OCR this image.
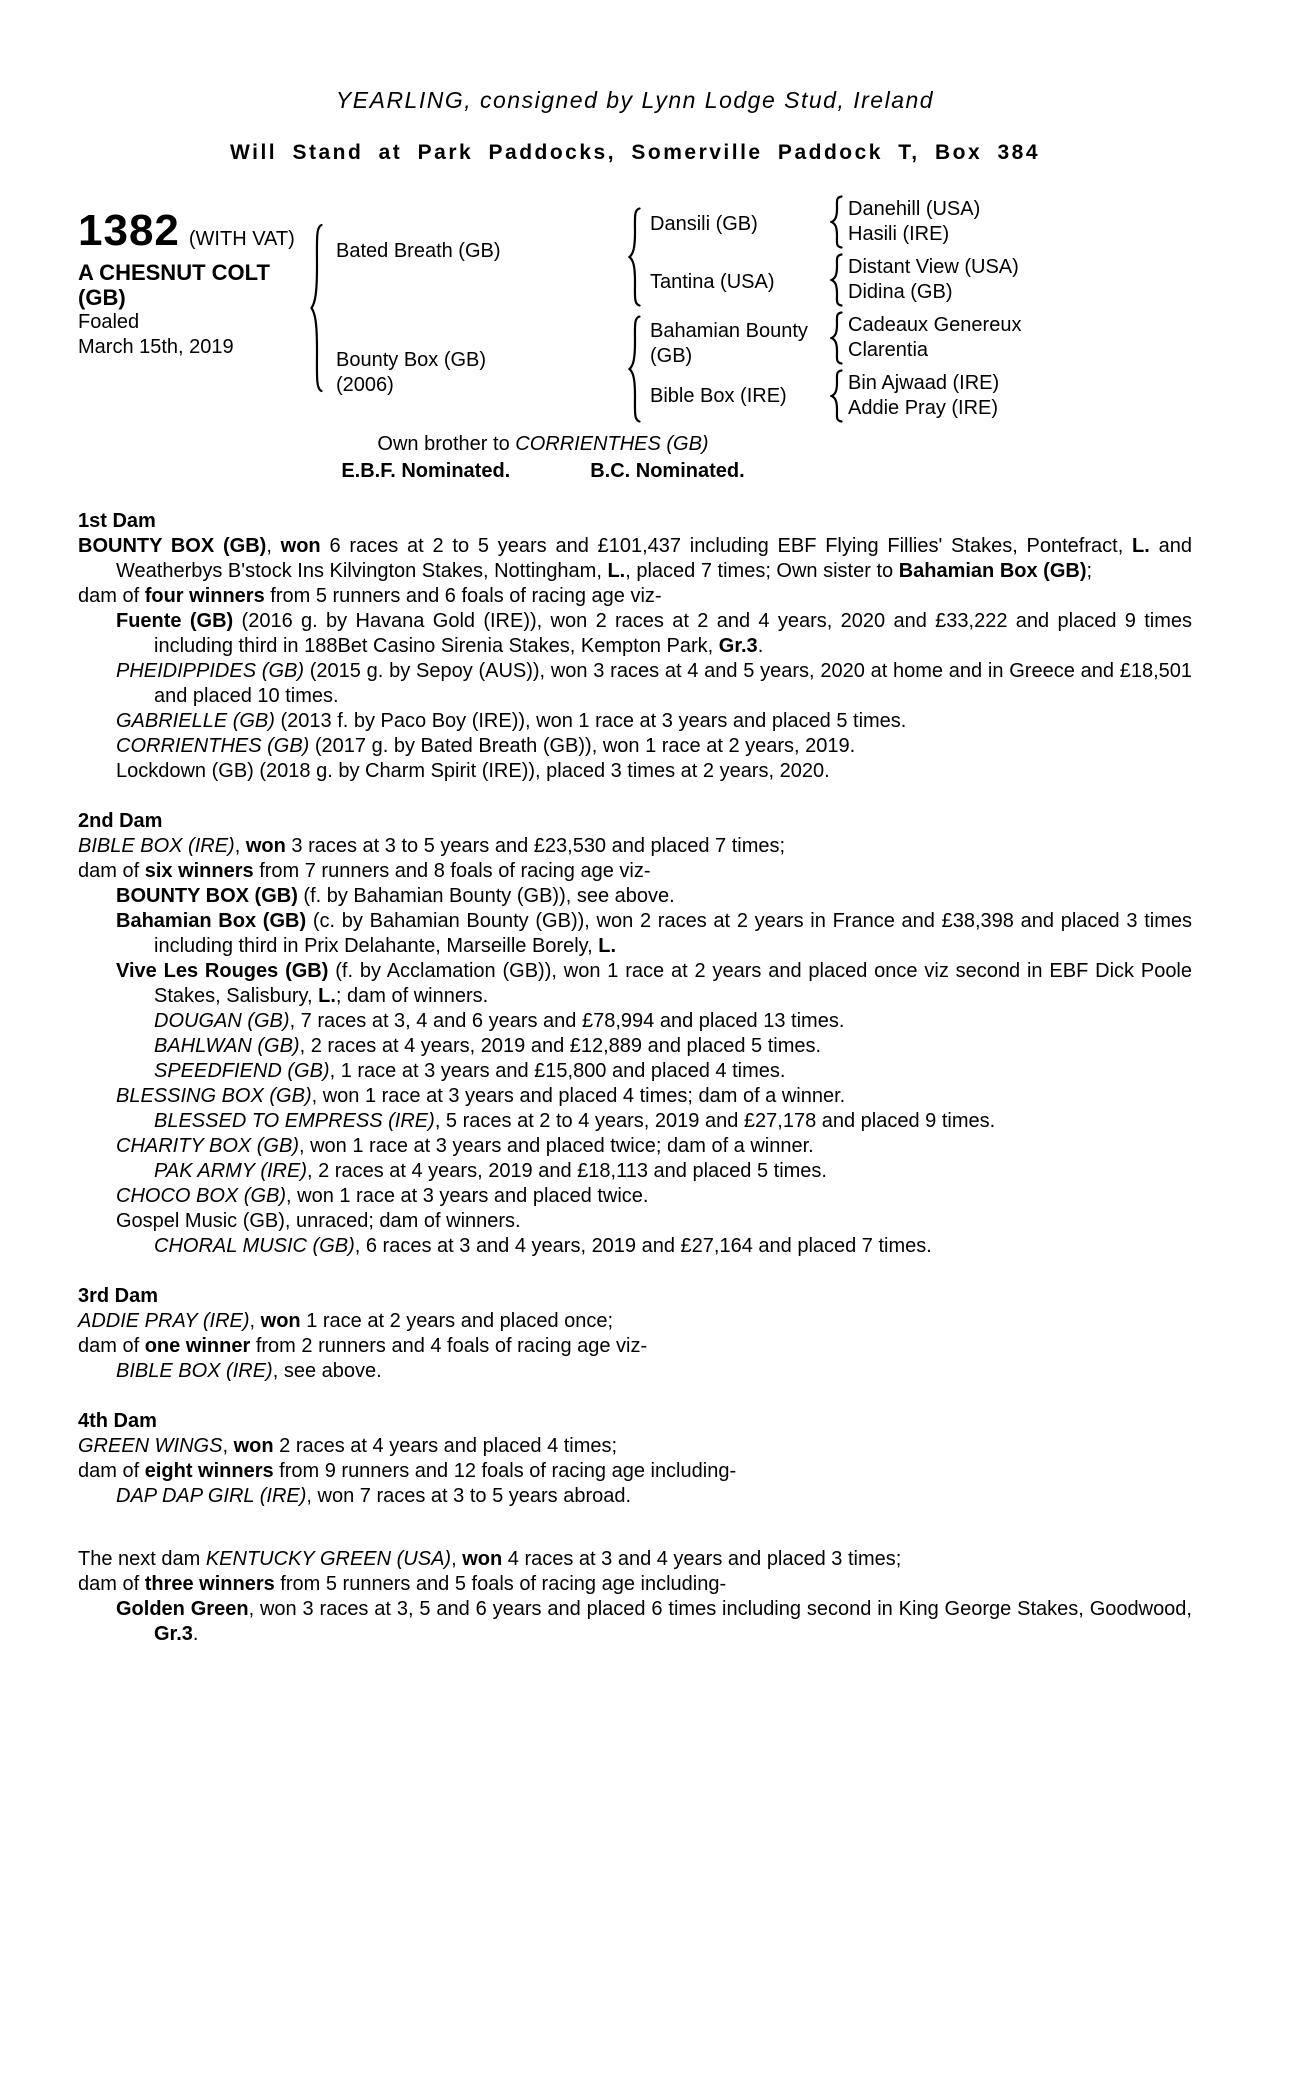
YEARLING, consigned by Lynn Lodge Stud, Ireland
Will Stand at Park Paddocks, Somerville Paddock T, Box 384
1382 (WITH VAT)
A CHESNUT COLT
(GB)
Foaled
March 15th, 2019
Bated Breath (GB)
Bounty Box (GB)
(2006)
Dansili (GB)
Tantina (USA)
Bahamian Bounty (GB)
Bible Box (IRE)
Danehill (USA)
Hasili (IRE)
Distant View (USA)
Didina (GB)
Cadeaux Genereux
Clarentia
Bin Ajwaad (IRE)
Addie Pray (IRE)
Own brother to CORRIENTHES (GB)
E.B.F. Nominated.	B.C. Nominated.
1st Dam
BOUNTY BOX (GB), won 6 races at 2 to 5 years and £101,437 including EBF Flying Fillies' Stakes, Pontefract, L. and Weatherbys B'stock Ins Kilvington Stakes, Nottingham, L., placed 7 times; Own sister to Bahamian Box (GB);
dam of four winners from 5 runners and 6 foals of racing age viz-
Fuente (GB) (2016 g. by Havana Gold (IRE)), won 2 races at 2 and 4 years, 2020 and £33,222 and placed 9 times including third in 188Bet Casino Sirenia Stakes, Kempton Park, Gr.3.
PHEIDIPPIDES (GB) (2015 g. by Sepoy (AUS)), won 3 races at 4 and 5 years, 2020 at home and in Greece and £18,501 and placed 10 times.
GABRIELLE (GB) (2013 f. by Paco Boy (IRE)), won 1 race at 3 years and placed 5 times.
CORRIENTHES (GB) (2017 g. by Bated Breath (GB)), won 1 race at 2 years, 2019.
Lockdown (GB) (2018 g. by Charm Spirit (IRE)), placed 3 times at 2 years, 2020.
2nd Dam
BIBLE BOX (IRE), won 3 races at 3 to 5 years and £23,530 and placed 7 times;
dam of six winners from 7 runners and 8 foals of racing age viz-
BOUNTY BOX (GB) (f. by Bahamian Bounty (GB)), see above.
Bahamian Box (GB) (c. by Bahamian Bounty (GB)), won 2 races at 2 years in France and £38,398 and placed 3 times including third in Prix Delahante, Marseille Borely, L.
Vive Les Rouges (GB) (f. by Acclamation (GB)), won 1 race at 2 years and placed once viz second in EBF Dick Poole Stakes, Salisbury, L.; dam of winners.
DOUGAN (GB), 7 races at 3, 4 and 6 years and £78,994 and placed 13 times.
BAHLWAN (GB), 2 races at 4 years, 2019 and £12,889 and placed 5 times.
SPEEDFIEND (GB), 1 race at 3 years and £15,800 and placed 4 times.
BLESSING BOX (GB), won 1 race at 3 years and placed 4 times; dam of a winner.
BLESSED TO EMPRESS (IRE), 5 races at 2 to 4 years, 2019 and £27,178 and placed 9 times.
CHARITY BOX (GB), won 1 race at 3 years and placed twice; dam of a winner.
PAK ARMY (IRE), 2 races at 4 years, 2019 and £18,113 and placed 5 times.
CHOCO BOX (GB), won 1 race at 3 years and placed twice.
Gospel Music (GB), unraced; dam of winners.
CHORAL MUSIC (GB), 6 races at 3 and 4 years, 2019 and £27,164 and placed 7 times.
3rd Dam
ADDIE PRAY (IRE), won 1 race at 2 years and placed once;
dam of one winner from 2 runners and 4 foals of racing age viz-
BIBLE BOX (IRE), see above.
4th Dam
GREEN WINGS, won 2 races at 4 years and placed 4 times;
dam of eight winners from 9 runners and 12 foals of racing age including-
DAP DAP GIRL (IRE), won 7 races at 3 to 5 years abroad.
The next dam KENTUCKY GREEN (USA), won 4 races at 3 and 4 years and placed 3 times;
dam of three winners from 5 runners and 5 foals of racing age including-
Golden Green, won 3 races at 3, 5 and 6 years and placed 6 times including second in King George Stakes, Goodwood, Gr.3.
